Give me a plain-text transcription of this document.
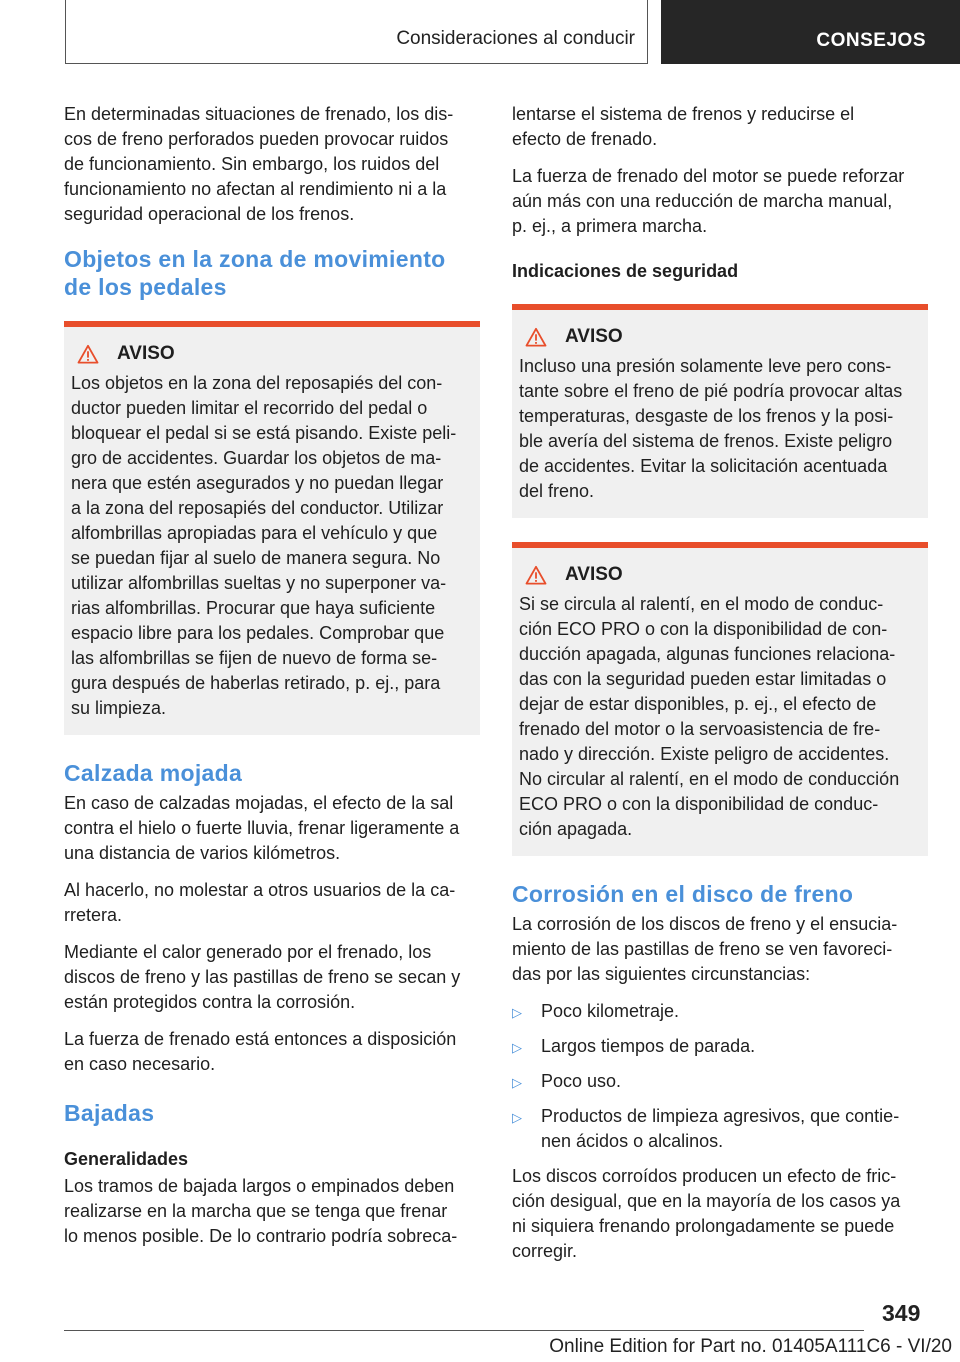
Consideraciones al conducir	CONSEJOS

En determinadas situaciones de frenado, los dis-
cos de freno perforados pueden provocar ruidos
de funcionamiento. Sin embargo, los ruidos del
funcionamiento no afectan al rendimiento ni a la
seguridad operacional de los frenos.

Objetos en la zona de movimiento
de los pedales
AVISO

Los objetos en la zona del reposapiés del con-
ductor pueden limitar el recorrido del pedal o
bloquear el pedal si se está pisando. Existe peli-
gro de accidentes. Guardar los objetos de ma-
nera que estén asegurados y no puedan llegar
a la zona del reposapiés del conductor. Utilizar
alfombrillas apropiadas para el vehículo y que
se puedan fijar al suelo de manera segura. No
utilizar alfombrillas sueltas y no superponer va-
rias alfombrillas. Procurar que haya suficiente
espacio libre para los pedales. Comprobar que
las alfombrillas se fijen de nuevo de forma se-
gura después de haberlas retirado, p. ej., para
su limpieza.

Calzada mojada

En caso de calzadas mojadas, el efecto de la sal
contra el hielo o fuerte lluvia, frenar ligeramente a
una distancia de varios kilómetros.

Al hacerlo, no molestar a otros usuarios de la ca-
rretera.

Mediante el calor generado por el frenado, los
discos de freno y las pastillas de freno se secan y
están protegidos contra la corrosión.

La fuerza de frenado está entonces a disposición
en caso necesario.

Bajadas
Generalidades

Los tramos de bajada largos o empinados deben
realizarse en la marcha que se tenga que frenar
lo menos posible. De lo contrario podría sobreca-

lentarse el sistema de frenos y reducirse el
efecto de frenado.

La fuerza de frenado del motor se puede reforzar
aún más con una reducción de marcha manual,
p. ej., a primera marcha.

Indicaciones de seguridad
AVISO

Incluso una presión solamente leve pero cons-
tante sobre el freno de pié podría provocar altas
temperaturas, desgaste de los frenos y la posi-
ble avería del sistema de frenos. Existe peligro
de accidentes. Evitar la solicitación acentuada
del freno.

AVISO

Si se circula al ralentí, en el modo de conduc-
ción ECO PRO o con la disponibilidad de con-
ducción apagada, algunas funciones relaciona-
das con la seguridad pueden estar limitadas o
dejar de estar disponibles, p. ej., el efecto de
frenado del motor o la servoasistencia de fre-
nado y dirección. Existe peligro de accidentes.
No circular al ralentí, en el modo de conducción
ECO PRO o con la disponibilidad de conduc-
ción apagada.

Corrosión en el disco de freno

La corrosión de los discos de freno y el ensucia-
miento de las pastillas de freno se ven favoreci-
das por las siguientes circunstancias:

▷	Poco kilometraje.
▷	Largos tiempos de parada.
▷	Poco uso.
▷	Productos de limpieza agresivos, que contie-
nen ácidos o alcalinos.

Los discos corroídos producen un efecto de fric-
ción desigual, que en la mayoría de los casos ya
ni siquiera frenando prolongadamente se puede
corregir.

349
Online Edition for Part no. 01405A111C6 - VI/20
